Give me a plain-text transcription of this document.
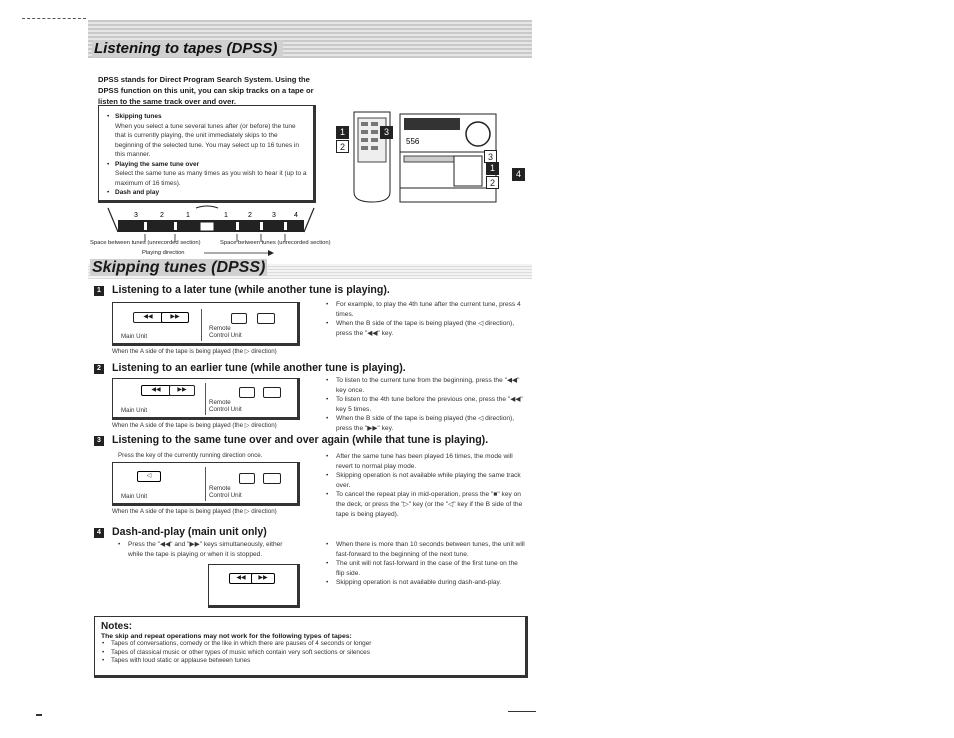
Listening to tapes (DPSS)
DPSS stands for Direct Program Search System. Using the DPSS function on this unit, you can skip tracks on a tape or listen to the same track over and over.
• Skipping tunes
When you select a tune several tunes after (or before) the tune that is currently playing, the unit immediately skips to the beginning of the selected tune. You may select up to 16 tunes in this manner.
• Playing the same tune over
Select the same tune as many times as you wish to hear it (up to a maximum of 16 times).
• Dash and play
3	2	1	1	2	3	4
Space between tunes (unrecorded section)	Space between tunes (unrecorded section)
Playing direction
1
2
3
556
3
1
2
4
Skipping tunes (DPSS)
1 Listening to a later tune (while another tune is playing).
◀◀	▶▶
Main Unit
Remote
Control Unit
When the A side of the tape is being played (the ▷ direction)
• For example, to play the 4th tune after the current tune, press 4 times.
• When the B side of the tape is being played (the ◁ direction), press the "◀◀" key.
2 Listening to an earlier tune (while another tune is playing).
◀◀	▶▶
Main Unit
Remote
Control Unit
When the A side of the tape is being played (the ▷ direction)
• To listen to the current tune from the beginning, press the "◀◀" key once.
• To listen to the 4th tune before the previous one, press the "◀◀" key 5 times.
• When the B side of the tape is being played (the ◁ direction), press the "▶▶" key.
3 Listening to the same tune over and over again (while that tune is playing).
Press the key of the currently running direction once.
◁
Main Unit
Remote
Control Unit
When the A side of the tape is being played (the ▷ direction)
• After the same tune has been played 16 times, the mode will revert to normal play mode.
• Skipping operation is not available while playing the same track over.
• To cancel the repeat play in mid-operation, press the "■" key on the deck, or press the "▷" key (or the "◁" key if the B side of the tape is being played).
4 Dash-and-play (main unit only)
• Press the "◀◀" and "▶▶" keys simultaneously, either while the tape is playing or when it is stopped.
◀◀	▶▶
• When there is more than 10 seconds between tunes, the unit will fast-forward to the beginning of the next tune.
• The unit will not fast-forward in the case of the first tune on the flip side.
• Skipping operation is not available during dash-and-play.
Notes:
The skip and repeat operations may not work for the following types of tapes:
• Tapes of conversations, comedy or the like in which there are pauses of 4 seconds or longer
• Tapes of classical music or other types of music which contain very soft sections or silences
• Tapes with loud static or applause between tunes
